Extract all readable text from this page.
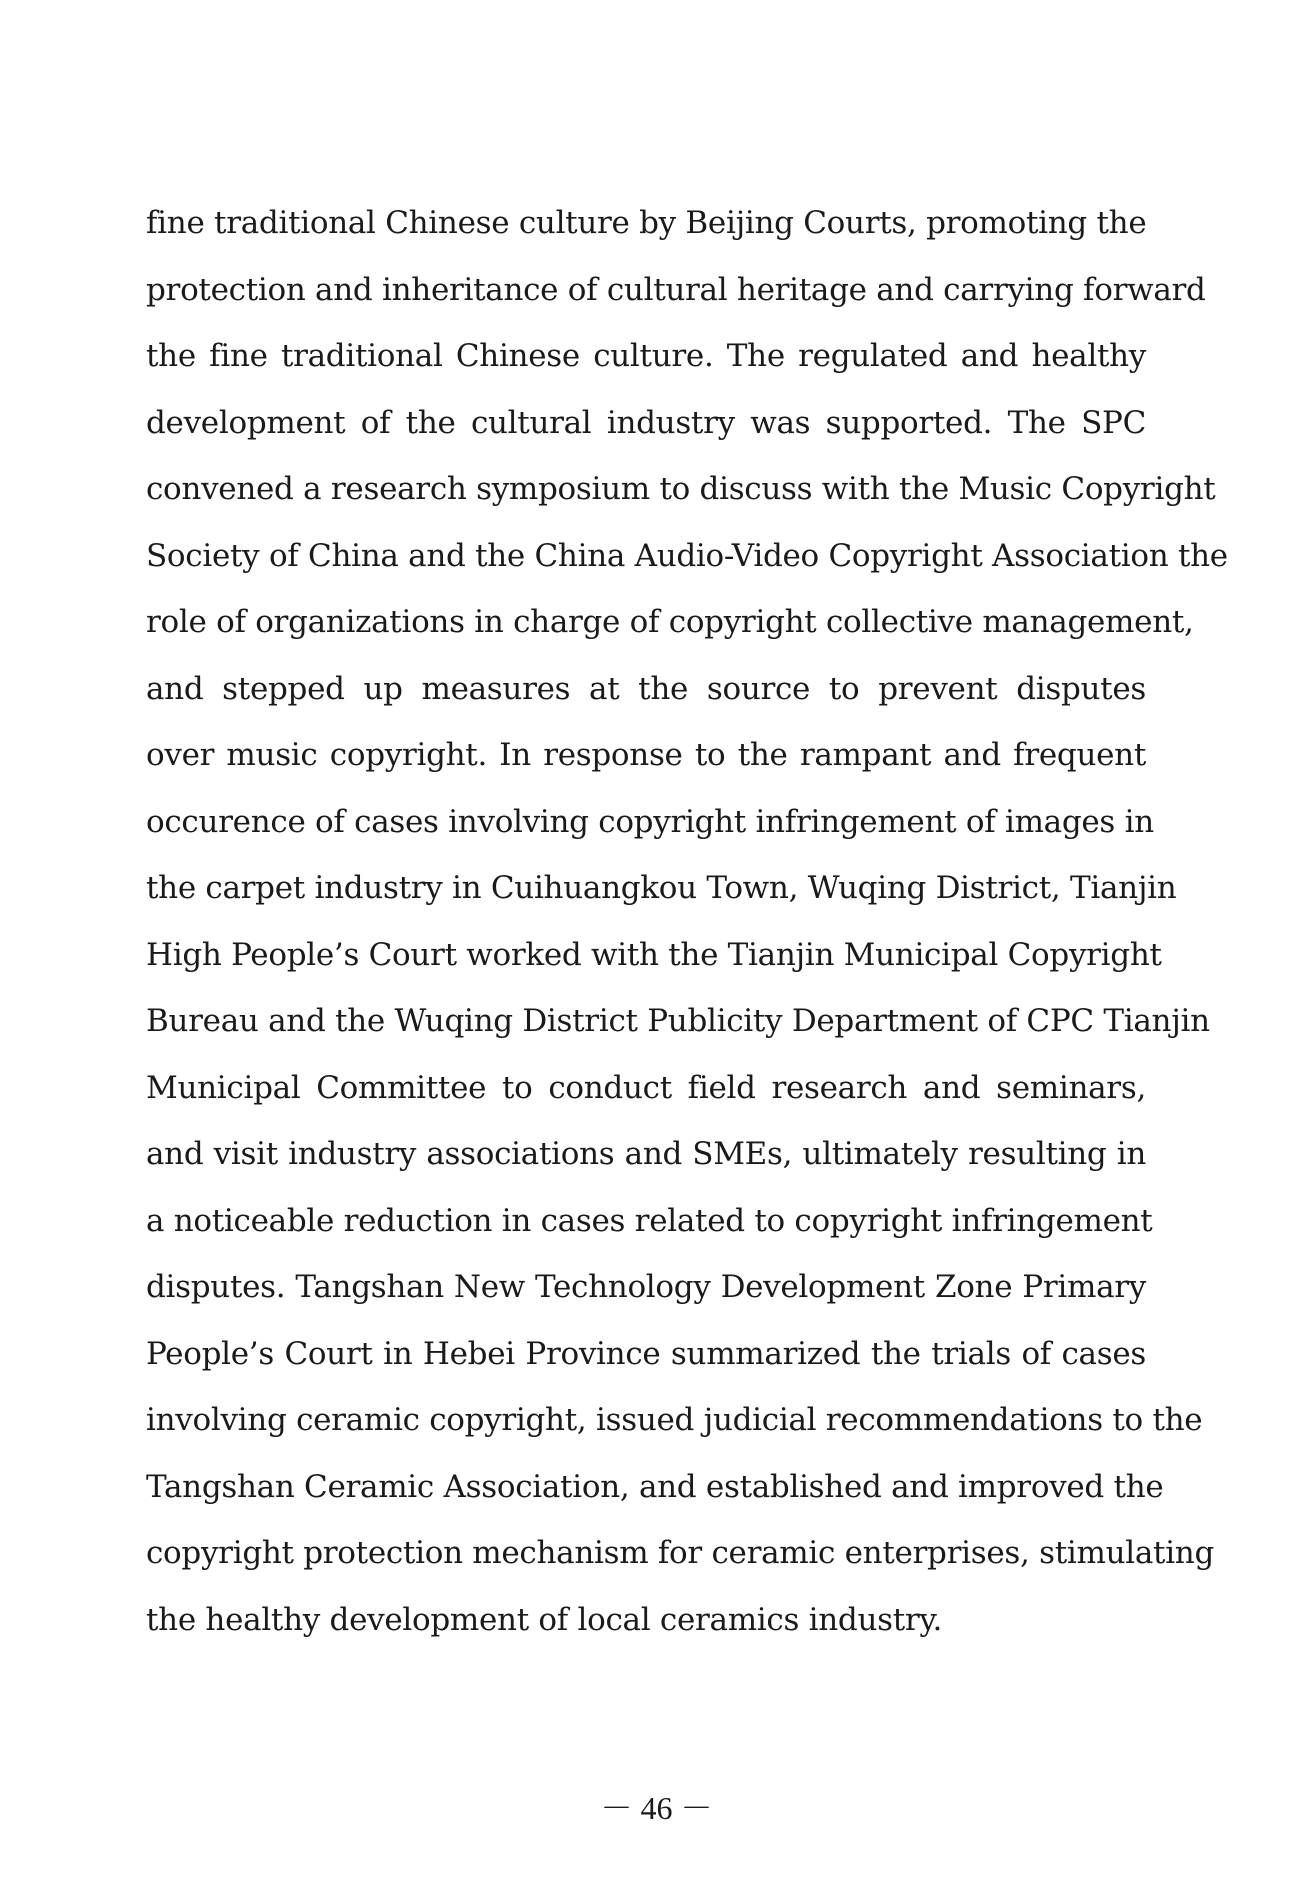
fine traditional Chinese culture by Beijing Courts, promoting the
protection and inheritance of cultural heritage and carrying forward
the fine traditional Chinese culture. The regulated and healthy
development of the cultural industry was supported. The SPC
convened a research symposium to discuss with the Music Copyright
Society of China and the China Audio-Video Copyright Association the
role of organizations in charge of copyright collective management,
and stepped up measures at the source to prevent disputes
over music copyright. In response to the rampant and frequent
occurence of cases involving copyright infringement of images in
the carpet industry in Cuihuangkou Town, Wuqing District, Tianjin
High People’s Court worked with the Tianjin Municipal Copyright
Bureau and the Wuqing District Publicity Department of CPC Tianjin
Municipal Committee to conduct field research and seminars,
and visit industry associations and SMEs, ultimately resulting in
a noticeable reduction in cases related to copyright infringement
disputes. Tangshan New Technology Development Zone Primary
People’s Court in Hebei Province summarized the trials of cases
involving ceramic copyright, issued judicial recommendations to the
Tangshan Ceramic Association, and established and improved the
copyright protection mechanism for ceramic enterprises, stimulating
the healthy development of local ceramics industry.
－ 46 －
